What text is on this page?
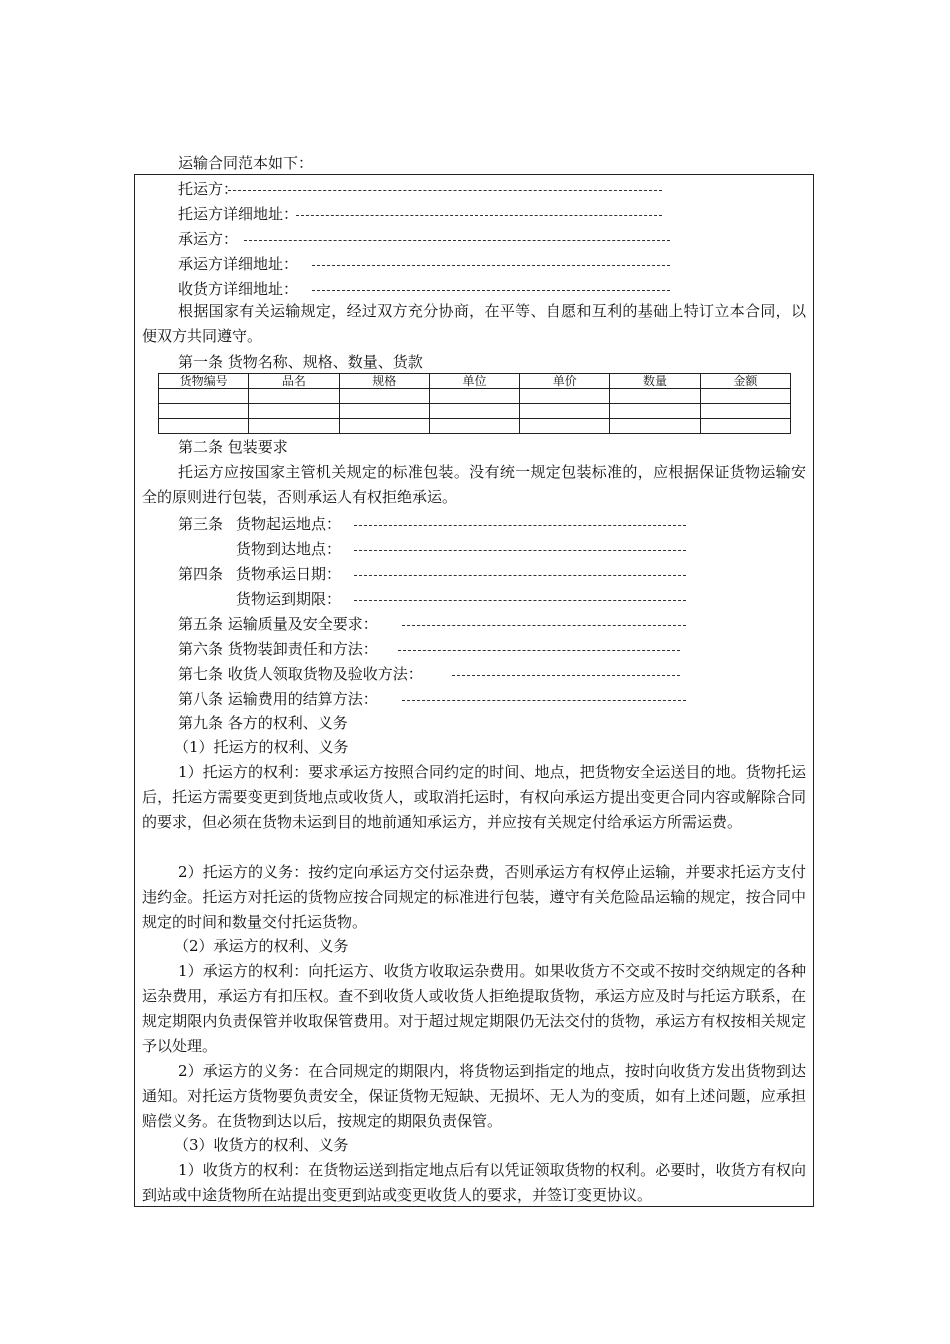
运输合同范本如下：
托运方：
托运方详细地址：
承运方：
承运方详细地址：
收货方详细地址：

根据国家有关运输规定，经过双方充分协商，在平等、自愿和互利的基础上特订立本合同，以便双方共同遵守。

第一条 货物名称、规格、数量、货款
货物编号	品名	规格	单位	单价	数量	金额

第二条 包装要求

托运方应按国家主管机关规定的标准包装。没有统一规定包装标准的，应根据保证货物运输安全的原则进行包装，否则承运人有权拒绝承运。

第三条 货物起运地点：
货物到达地点：
第四条 货物承运日期：
货物运到期限：
第五条 运输质量及安全要求：
第六条 货物装卸责任和方法：
第七条 收货人领取货物及验收方法：
第八条 运输费用的结算方法：
第九条 各方的权利、义务
（1）托运方的权利、义务

1）托运方的权利：要求承运方按照合同约定的时间、地点，把货物安全运送目的地。货物托运后，托运方需要变更到货地点或收货人，或取消托运时，有权向承运方提出变更合同内容或解除合同的要求，但必须在货物未运到目的地前通知承运方，并应按有关规定付给承运方所需运费。

2）托运方的义务：按约定向承运方交付运杂费，否则承运方有权停止运输，并要求托运方支付违约金。托运方对托运的货物应按合同规定的标准进行包装，遵守有关危险品运输的规定，按合同中规定的时间和数量交付托运货物。

（2）承运方的权利、义务

1）承运方的权利：向托运方、收货方收取运杂费用。如果收货方不交或不按时交纳规定的各种运杂费用，承运方有扣压权。查不到收货人或收货人拒绝提取货物，承运方应及时与托运方联系，在规定期限内负责保管并收取保管费用。对于超过规定期限仍无法交付的货物，承运方有权按相关规定予以处理。

2）承运方的义务：在合同规定的期限内，将货物运到指定的地点，按时向收货方发出货物到达通知。对托运方货物要负责安全，保证货物无短缺、无损坏、无人为的变质，如有上述问题，应承担赔偿义务。在货物到达以后，按规定的期限负责保管。

（3）收货方的权利、义务

1）收货方的权利：在货物运送到指定地点后有以凭证领取货物的权利。必要时，收货方有权向到站或中途货物所在站提出变更到站或变更收货人的要求，并签订变更协议。
